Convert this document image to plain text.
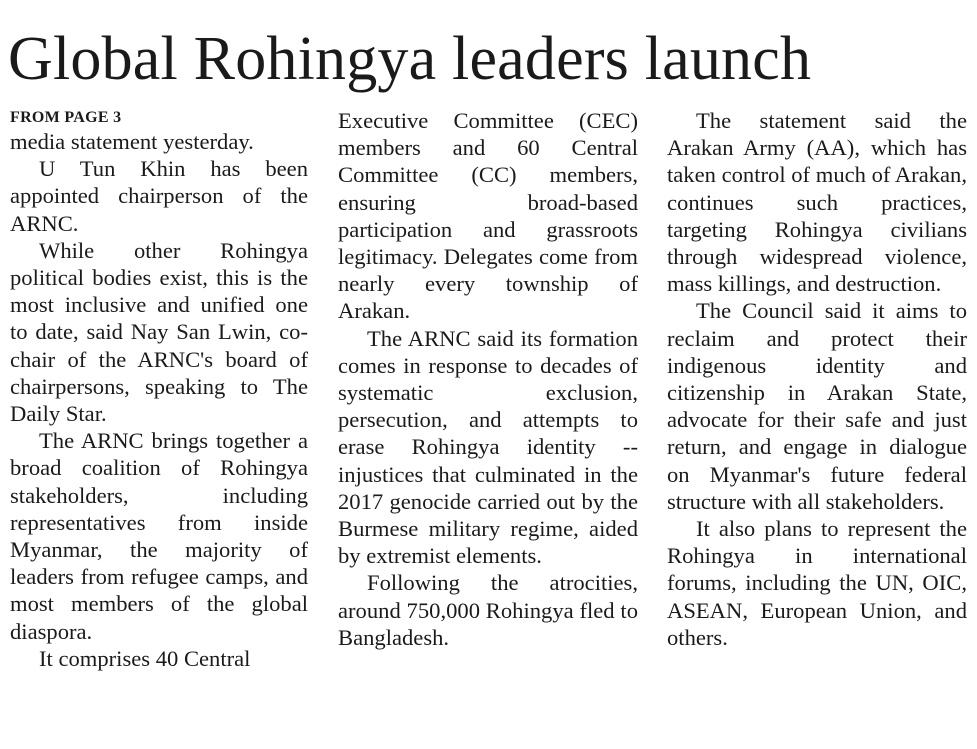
Global Rohingya leaders launch
FROM PAGE 3

media statement yesterday.

U Tun Khin has been appointed chairperson of the ARNC.

While other Rohingya political bodies exist, this is the most inclusive and unified one to date, said Nay San Lwin, co-chair of the ARNC's board of chairpersons, speaking to The Daily Star.

The ARNC brings together a broad coalition of Rohingya stakeholders, including representatives from inside Myanmar, the majority of leaders from refugee camps, and most members of the global diaspora.

It comprises 40 Central

Executive Committee (CEC) members and 60 Central Committee (CC) members, ensuring broad-based participation and grassroots legitimacy. Delegates come from nearly every township of Arakan.

The ARNC said its formation comes in response to decades of systematic exclusion, persecution, and attempts to erase Rohingya identity -- injustices that culminated in the 2017 genocide carried out by the Burmese military regime, aided by extremist elements.

Following the atrocities, around 750,000 Rohingya fled to Bangladesh.

The statement said the Arakan Army (AA), which has taken control of much of Arakan, continues such practices, targeting Rohingya civilians through widespread violence, mass killings, and destruction.

The Council said it aims to reclaim and protect their indigenous identity and citizenship in Arakan State, advocate for their safe and just return, and engage in dialogue on Myanmar's future federal structure with all stakeholders.

It also plans to represent the Rohingya in international forums, including the UN, OIC, ASEAN, European Union, and others.
